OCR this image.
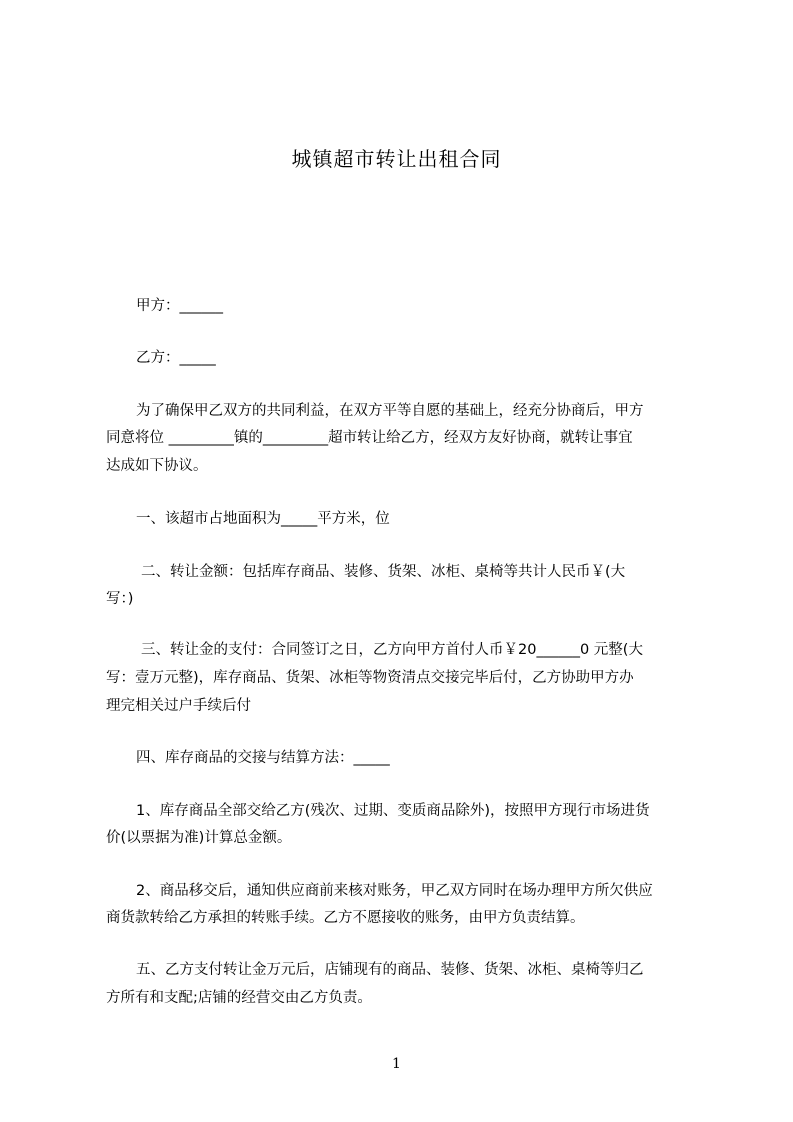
城镇超市转让出租合同
甲方：______
乙方：_____
为了确保甲乙双方的共同利益，在双方平等自愿的基础上，经充分协商后，甲方
同意将位 _________镇的_________超市转让给乙方，经双方友好协商，就转让事宜
达成如下协议。
一、该超市占地面积为_____平方米，位
二、转让金额：包括库存商品、装修、货架、冰柜、桌椅等共计人民币￥(大
写：)
三、转让金的支付：合同签订之日，乙方向甲方首付人币￥20______0 元整(大
写：壹万元整)，库存商品、货架、冰柜等物资清点交接完毕后付，乙方协助甲方办
理完相关过户手续后付
四、库存商品的交接与结算方法：_____
1、库存商品全部交给乙方(残次、过期、变质商品除外)，按照甲方现行市场进货
价(以票据为准)计算总金额。
2、商品移交后，通知供应商前来核对账务，甲乙双方同时在场办理甲方所欠供应
商货款转给乙方承担的转账手续。乙方不愿接收的账务，由甲方负责结算。
五、乙方支付转让金万元后，店铺现有的商品、装修、货架、冰柜、桌椅等归乙
方所有和支配;店铺的经营交由乙方负责。
1
